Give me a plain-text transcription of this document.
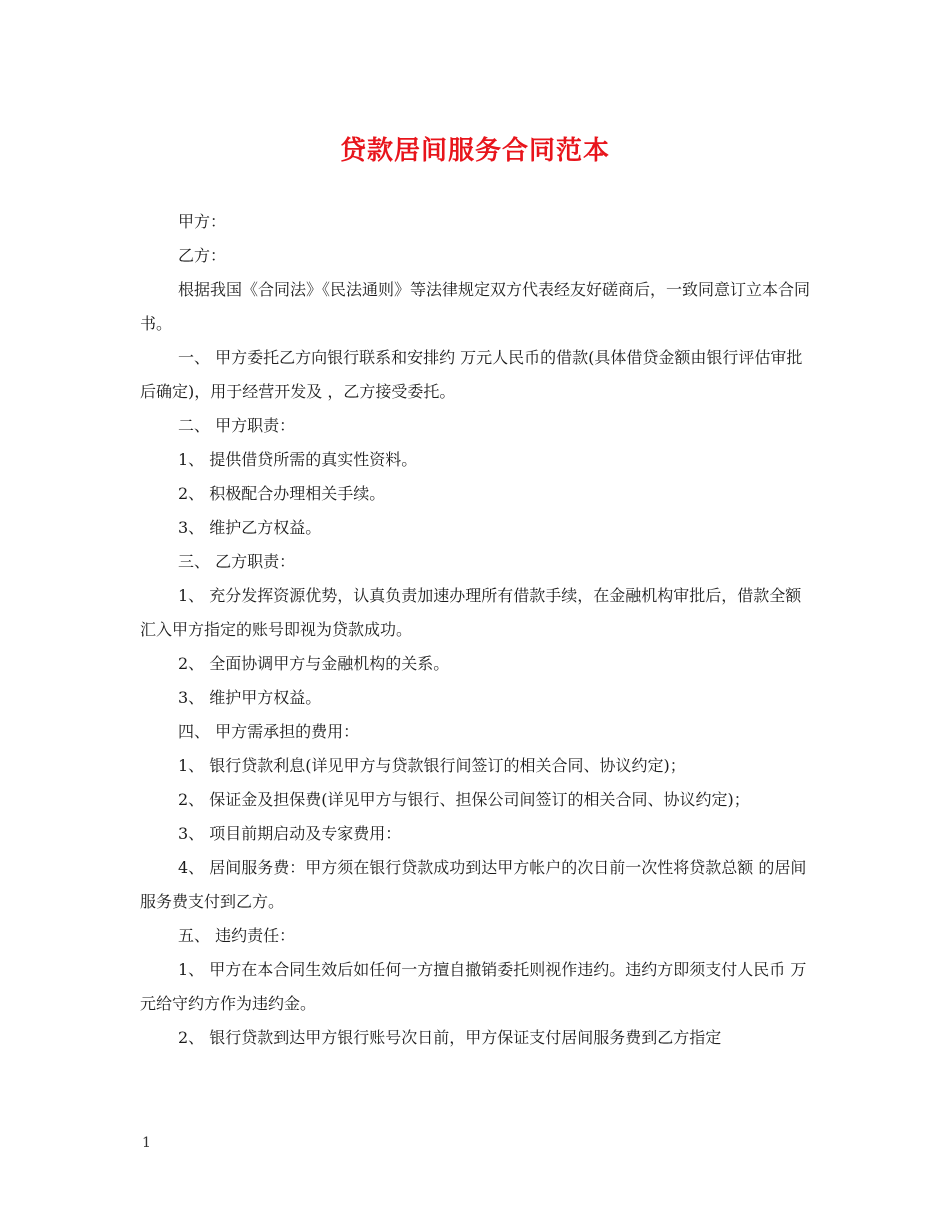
贷款居间服务合同范本

甲方：

乙方：

根据我国《合同法》《民法通则》等法律规定双方代表经友好磋商后，一致同意订立本合同书。

一、 甲方委托乙方向银行联系和安排约 万元人民币的借款(具体借贷金额由银行评估审批后确定)，用于经营开发及 ，乙方接受委托。

二、 甲方职责：

1、 提供借贷所需的真实性资料。

2、 积极配合办理相关手续。

3、 维护乙方权益。

三、 乙方职责：

1、 充分发挥资源优势，认真负责加速办理所有借款手续，在金融机构审批后，借款全额汇入甲方指定的账号即视为贷款成功。

2、 全面协调甲方与金融机构的关系。

3、 维护甲方权益。

四、 甲方需承担的费用：

1、 银行贷款利息(详见甲方与贷款银行间签订的相关合同、协议约定)；

2、 保证金及担保费(详见甲方与银行、担保公司间签订的相关合同、协议约定)；

3、 项目前期启动及专家费用：

4、 居间服务费：甲方须在银行贷款成功到达甲方帐户的次日前一次性将贷款总额 的居间服务费支付到乙方。

五、 违约责任：

1、 甲方在本合同生效后如任何一方擅自撤销委托则视作违约。违约方即须支付人民币 万元给守约方作为违约金。

2、 银行贷款到达甲方银行账号次日前，甲方保证支付居间服务费到乙方指定

1
